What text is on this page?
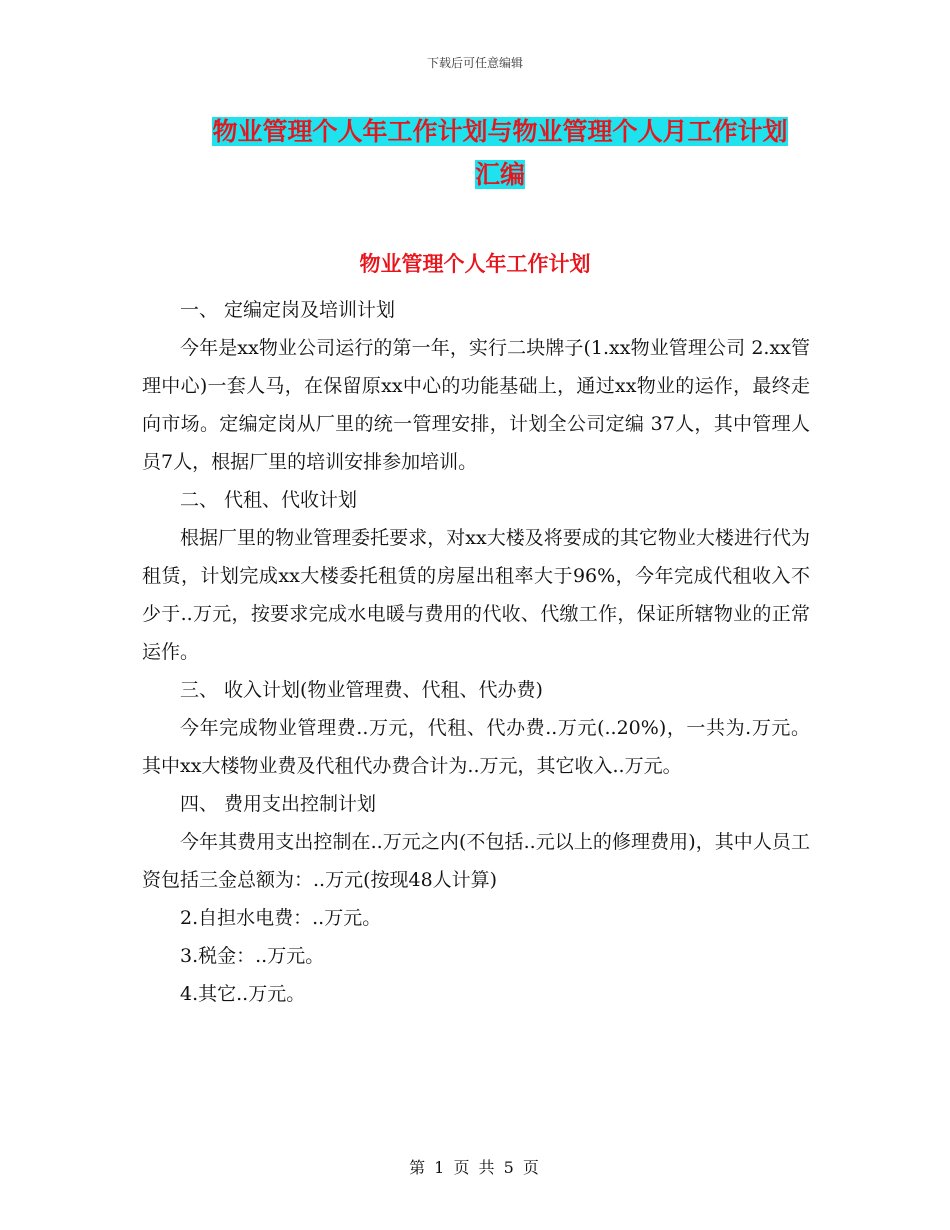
下载后可任意编辑
物业管理个人年工作计划与物业管理个人月工作计划
汇编
物业管理个人年工作计划

一、 定编定岗及培训计划

今年是xx物业公司运行的第一年，实行二块牌子(1.xx物业管理公司 2.xx管理中心)一套人马，在保留原xx中心的功能基础上，通过xx物业的运作，最终走向市场。定编定岗从厂里的统一管理安排，计划全公司定编 37人，其中管理人员7人，根据厂里的培训安排参加培训。

二、 代租、代收计划

根据厂里的物业管理委托要求，对xx大楼及将要成的其它物业大楼进行代为租赁，计划完成xx大楼委托租赁的房屋出租率大于96%，今年完成代租收入不少于..万元，按要求完成水电暖与费用的代收、代缴工作，保证所辖物业的正常运作。

三、 收入计划(物业管理费、代租、代办费)

今年完成物业管理费..万元，代租、代办费..万元(..20%)，一共为.万元。其中xx大楼物业费及代租代办费合计为..万元，其它收入..万元。

四、 费用支出控制计划

今年其费用支出控制在..万元之内(不包括..元以上的修理费用)，其中人员工资包括三金总额为：..万元(按现48人计算)

2.自担水电费：..万元。

3.税金：..万元。

4.其它..万元。

第 1 页 共 5 页
